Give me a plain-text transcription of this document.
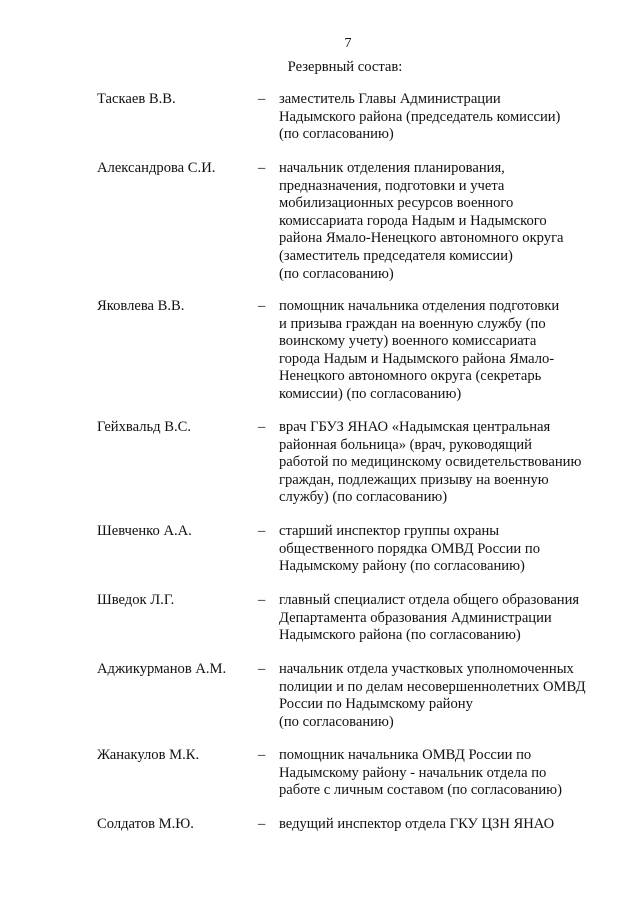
7
Резервный состав:
Таскаев В.В.	– заместитель Главы Администрации
Надымского района (председатель комиссии)
(по согласованию)
Александрова С.И.	– начальник отделения планирования,
предназначения, подготовки и учета
мобилизационных ресурсов военного
комиссариата города Надым и Надымского
района Ямало-Ненецкого автономного округа
(заместитель председателя комиссии)
(по согласованию)
Яковлева В.В.	– помощник начальника отделения подготовки
и призыва граждан на военную службу (по
воинскому учету) военного комиссариата
города Надым и Надымского района Ямало-
Ненецкого автономного округа (секретарь
комиссии) (по согласованию)
Гейхвальд В.С.	– врач ГБУЗ ЯНАО «Надымская центральная
районная больница» (врач, руководящий
работой по медицинскому освидетельствованию
граждан, подлежащих призыву на военную
службу) (по согласованию)
Шевченко А.А.	– старший инспектор группы охраны
общественного порядка ОМВД России по
Надымскому району (по согласованию)
Шведок Л.Г.	– главный специалист отдела общего образования
Департамента образования Администрации
Надымского района (по согласованию)
Аджикурманов А.М. – начальник отдела участковых уполномоченных
полиции и по делам несовершеннолетних ОМВД
России по Надымскому району
(по согласованию)
Жанакулов М.К.	– помощник начальника ОМВД России по
Надымскому району - начальник отдела по
работе с личным составом (по согласованию)
Солдатов М.Ю.	– ведущий инспектор отдела ГКУ ЦЗН ЯНАО
